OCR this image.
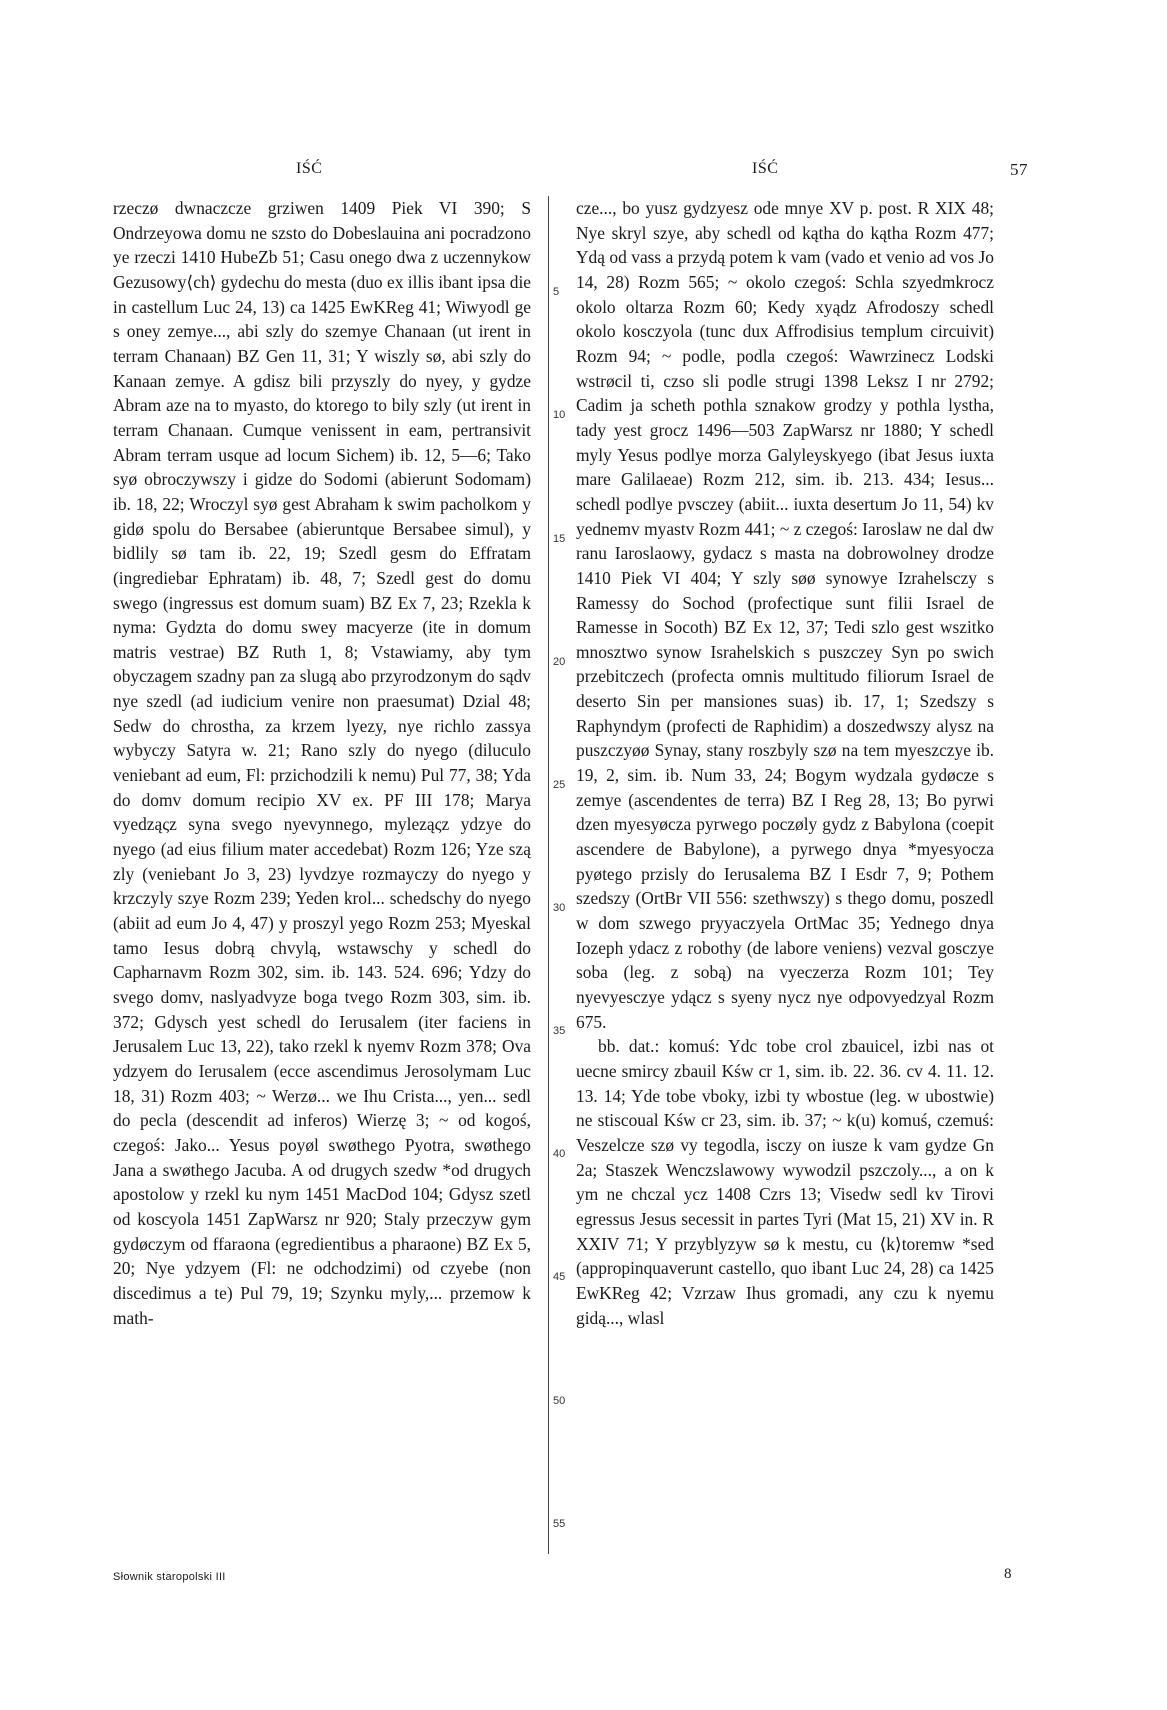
IŚĆ	IŚĆ	57

rzeczø dwnaczcze grziwen 1409 Piek VI 390; S Ondrzeyowa domu ne szsto do Dobeslauina ani pocradzono ye rzeczi 1410 HubeZb 51; Casu onego dwa z uczennykow Gezusowy⟨ch⟩ gydechu do mesta (duo ex illis ibant ipsa die in castellum Luc 24, 13) ca 1425 EwKReg 41; Wiwyodl ge s oney zemye..., abi szly do szemye Chanaan (ut irent in terram Chanaan) BZ Gen 11, 31; Y wiszly sø, abi szly do Kanaan zemye. A gdisz bili przyszly do nyey, y gydze Abram aze na to myasto, do ktorego to bily szly (ut irent in terram Chanaan. Cumque venissent in eam, pertransivit Abram terram usque ad locum Sichem) ib. 12, 5—6; Tako syø obroczywszy i gidze do Sodomi (abierunt Sodomam) ib. 18, 22; Wroczyl syø gest Abraham k swim pacholkom y gidø spolu do Bersabee (abieruntque Bersabee simul), y bidlily sø tam ib. 22, 19; Szedl gesm do Effratam (ingrediebar Ephratam) ib. 48, 7; Szedl gest do domu swego (ingressus est domum suam) BZ Ex 7, 23; Rzekla k nyma: Gydzta do domu swey macyerze (ite in domum matris vestrae) BZ Ruth 1, 8; Vstawiamy, aby tym obyczagem szadny pan za slugą abo przyrodzonym do sądv nye szedl (ad iudicium venire non praesumat) Dzial 48; Sedw do chrostha, za krzem lyezy, nye richlo zassya wybyczy Satyra w. 21; Rano szly do nyego (diluculo veniebant ad eum, Fl: przichodzili k nemu) Pul 77, 38; Yda do domv domum recipio XV ex. PF III 178; Marya vyedząςz syna svego nyevynnego, myleząςz ydzye do nyego (ad eius filium mater accedebat) Rozm 126; Yze szą zly (veniebant Jo 3, 23) lyvdzye rozmayczy do nyego y krzczyly szye Rozm 239; Yeden krol... schedschy do nyego (abiit ad eum Jo 4, 47) y proszyl yego Rozm 253; Myeskal tamo Iesus dobrą chvylą, wstawschy y schedl do Capharnavm Rozm 302, sim. ib. 143. 524. 696; Ydzy do svego domv, naslyadvyze boga tvego Rozm 303, sim. ib. 372; Gdysch yest schedl do Ierusalem (iter faciens in Jerusalem Luc 13, 22), tako rzekl k nyemv Rozm 378; Ova ydzyem do Ierusalem (ecce ascendimus Jerosolymam Luc 18, 31) Rozm 403; ~ Werzø... we Ihu Crista..., yen... sedl do pecla (descendit ad inferos) Wierzę 3; ~ od kogoś, czegoś: Jako... Yesus poyøl swøthego Pyotra, swøthego Jana a swøthego Jacuba. A od drugych szedw *od drugych apostolow y rzekl ku nym 1451 MacDod 104; Gdysz szetl od koscyola 1451 ZapWarsz nr 920; Staly przeczyw gym gydøczym od ffaraona (egredientibus a pharaone) BZ Ex 5, 20; Nye ydzyem (Fl: ne odchodzimi) od czyebe (non discedimus a te) Pul 79, 19; Szynku myly,... przemow k math-

5
10
15
20
25
30
35
40
45
50
55

cze..., bo yusz gydzyesz ode mnye XV p. post. R XIX 48; Nye skryl szye, aby schedl od kątha do kątha Rozm 477; Ydą od vass a przydą potem k vam (vado et venio ad vos Jo 14, 28) Rozm 565; ~ okolo czegoś: Schla szyedmkrocz okolo oltarza Rozm 60; Kedy xyądz Afrodoszy schedl okolo kosczyola (tunc dux Affrodisius templum circuivit) Rozm 94; ~ podle, podla czegoś: Wawrzinecz Lodski wstrøcil ti, czso sli podle strugi 1398 Leksz I nr 2792; Cadim ja scheth pothla sznakow grodzy y pothla lystha, tady yest grocz 1496—503 ZapWarsz nr 1880; Y schedl myly Yesus podlye morza Galyleyskyego (ibat Jesus iuxta mare Galilaeae) Rozm 212, sim. ib. 213. 434; Iesus... schedl podlye pvsczey (abiit... iuxta desertum Jo 11, 54) kv yednemv myastv Rozm 441; ~ z czegoś: Iaroslaw ne dal dw ranu Iaroslaowy, gydacz s masta na dobrowolney drodze 1410 Piek VI 404; Y szly søø synowye Izrahelsczy s Ramessy do Sochod (profectique sunt filii Israel de Ramesse in Socoth) BZ Ex 12, 37; Tedi szlo gest wszitko mnosztwo synow Israhelskich s puszczey Syn po swich przebitczech (profecta omnis multitudo filiorum Israel de deserto Sin per mansiones suas) ib. 17, 1; Szedszy s Raphyndym (profecti de Raphidim) a doszedwszy alysz na puszczyøø Synay, stany roszbyly szø na tem myeszczye ib. 19, 2, sim. ib. Num 33, 24; Bogym wydzala gydøcze s zemye (ascendentes de terra) BZ I Reg 28, 13; Bo pyrwi dzen myesyøcza pyrwego poczøly gydz z Babylona (coepit ascendere de Babylone), a pyrwego dnya *myesyocza pyøtego przisly do Ierusalema BZ I Esdr 7, 9; Pothem szedszy (OrtBr VII 556: szethwszy) s thego domu, poszedl w dom szwego pryyaczyela OrtMac 35; Yednego dnya Iozeph ydacz z robothy (de labore veniens) vezval gosczye soba (leg. z sobą) na vyeczerza Rozm 101; Tey nyevyesczye ydącz s syeny nycz nye odpovyedzyal Rozm 675.

bb. dat.: komuś: Ydc tobe crol zbauicel, izbi nas ot uecne smircy zbauil Kśw cr 1, sim. ib. 22. 36. cv 4. 11. 12. 13. 14; Yde tobe vboky, izbi ty wbostue (leg. w ubostwie) ne stiscoual Kśw cr 23, sim. ib. 37; ~ k(u) komuś, czemuś: Veszelcze szø vy tegodla, isczy on iusze k vam gydze Gn 2a; Staszek Wenczslawowy wywodzil pszczoly..., a on k ym ne chczal ycz 1408 Czrs 13; Visedw sedl kv Tirovi egressus Jesus secessit in partes Tyri (Mat 15, 21) XV in. R XXIV 71; Y przyblyzyw sø k mestu, cu ⟨k⟩toremw *sed (appropinquaverunt castello, quo ibant Luc 24, 28) ca 1425 EwKReg 42; Vzrzaw Ihus gromadi, any czu k nyemu gidą..., wlasl

Słownik staropolski III	8
